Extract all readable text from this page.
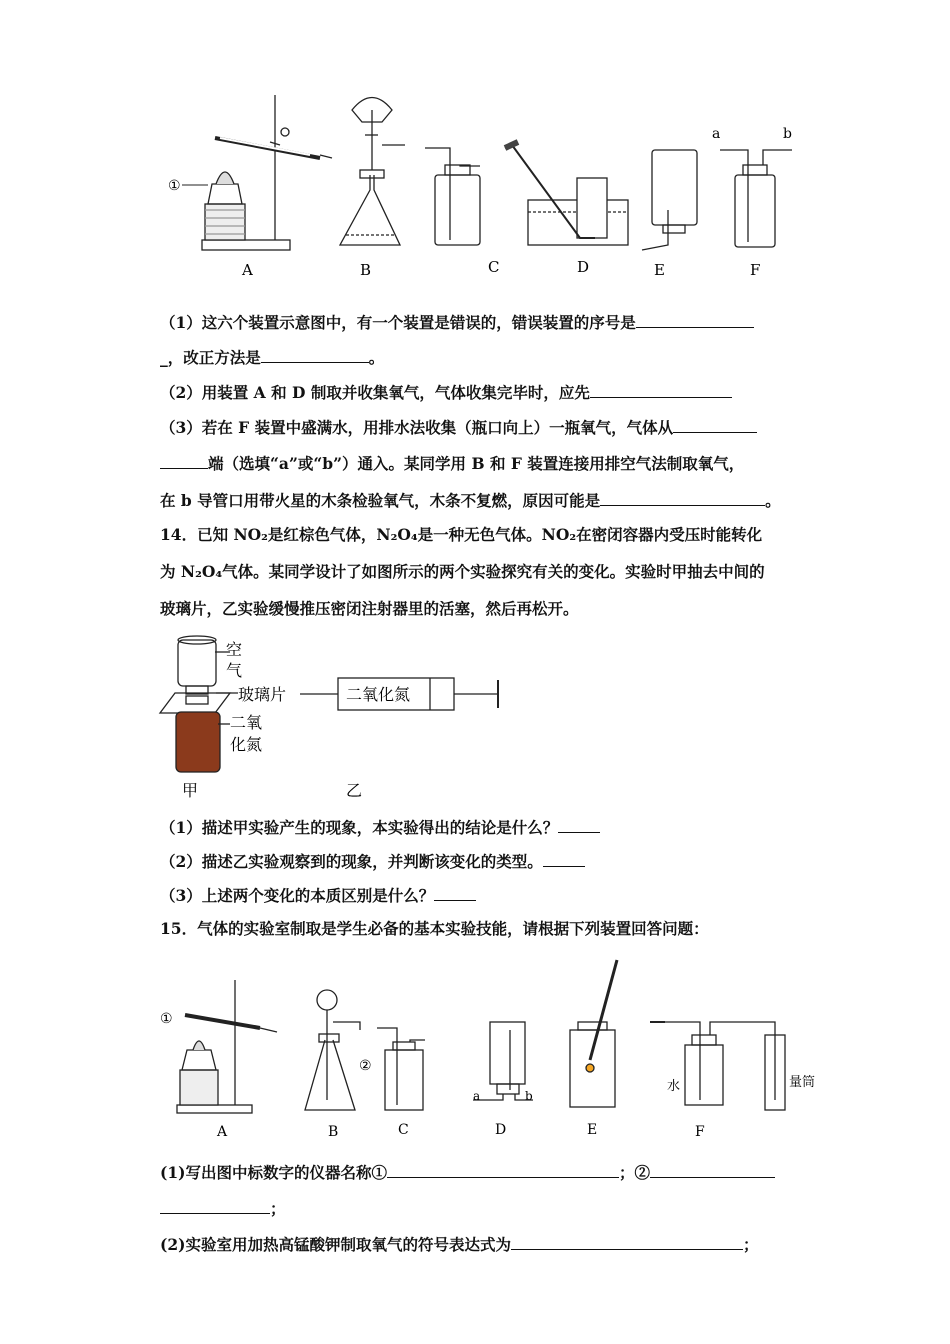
①
a	b
A	B	C	D	E	F
（1）这六个装置示意图中，有一个装置是错误的，错误装置的序号是
_，改正方法是	。
（2）用装置 A 和 D 制取并收集氧气，气体收集完毕时，应先
（3）若在 F 装置中盛满水，用排水法收集（瓶口向上）一瓶氧气，气体从
端（选填“a”或“b”）通入。某同学用 B 和 F 装置连接用排空气法制取氧气，
在 b 导管口用带火星的木条检验氧气，木条不复燃，原因可能是	。
14．已知 NO₂是红棕色气体，N₂O₄是一种无色气体。NO₂在密闭容器内受压时能转化
为 N₂O₄气体。某同学设计了如图所示的两个实验探究有关的变化。实验时甲抽去中间的
玻璃片，乙实验缓慢推压密闭注射器里的活塞，然后再松开。
空
气
玻璃片
二氧
化氮
二氧化氮
甲	乙
（1）描述甲实验产生的现象，本实验得出的结论是什么？
（2）描述乙实验观察到的现象，并判断该变化的类型。
（3）上述两个变化的本质区别是什么？
15．气体的实验室制取是学生必备的基本实验技能，请根据下列装置回答问题：
①
②
a	b
水	量筒
A	B	C	D	E	F
(1)写出图中标数字的仪器名称①	；②
；
(2)实验室用加热高锰酸钾制取氧气的符号表达式为	；
